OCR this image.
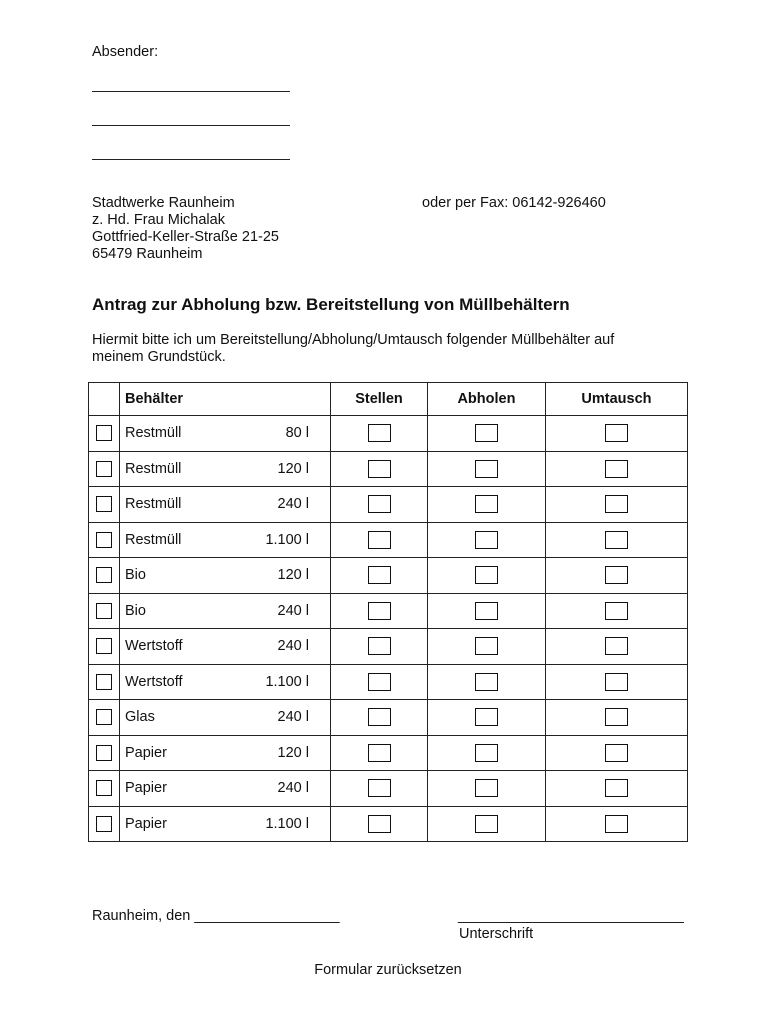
Absender:
Stadtwerke Raunheim
z. Hd. Frau Michalak
Gottfried-Keller-Straße 21-25
65479 Raunheim
oder per Fax: 06142-926460
Antrag zur Abholung bzw. Bereitstellung von Müllbehältern
Hiermit bitte ich um Bereitstellung/Abholung/Umtausch folgender Müllbehälter auf
meinem Grundstück.
	Behälter	Stellen	Abholen	Umtausch

	Restmüll 80 l			

	Restmüll 120 l			

	Restmüll 240 l			

	Restmüll 1.100 l			

	Bio 120 l			

	Bio 240 l			

	Wertstoff 240 l			

	Wertstoff 1.100 l			

	Glas 240 l			

	Papier 120 l			

	Papier 240 l			

	Papier 1.100 l			

Raunheim, den __________________	____________________________
Unterschrift
Formular zurücksetzen
